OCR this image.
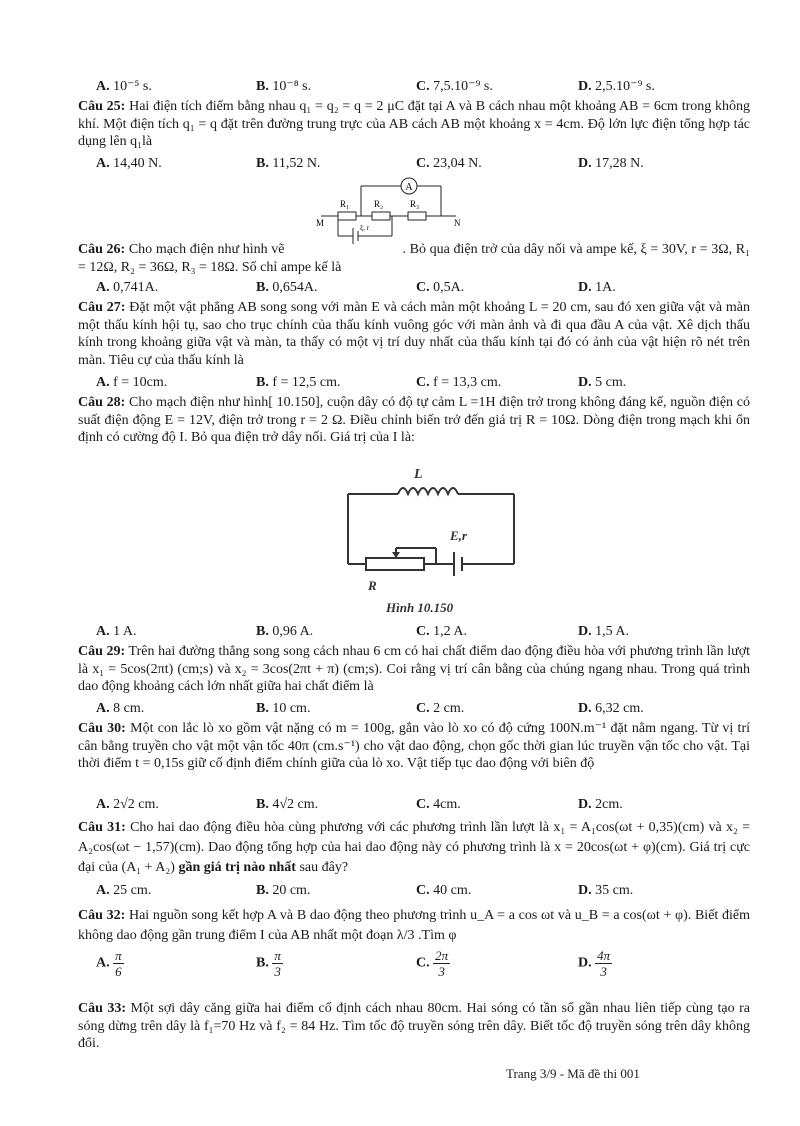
A. 10⁻⁵ s.	B. 10⁻⁸ s.	C. 7,5.10⁻⁹ s.	D. 2,5.10⁻⁹ s.
Câu 25: Hai điện tích điểm bằng nhau q₁ = q₂ = q = 2 μC đặt tại A và B cách nhau một khoảng AB = 6cm trong không khí. Một điện tích q₁ = q đặt trên đường trung trực của AB cách AB một khoảng x = 4cm. Độ lớn lực điện tổng hợp tác dụng lên q₁là
A. 14,40 N.	B. 11,52 N.	C. 23,04 N.	D. 17,28 N.
A
R₁	R₂	R₃
M	N
ξ, r
Câu 26: Cho mạch điện như hình vẽ	. Bỏ qua điện trở của dây nối và ampe kế, ξ = 30V, r = 3Ω, R₁ = 12Ω, R₂ = 36Ω, R₃ = 18Ω. Số chỉ ampe kế là
A. 0,741A.	B. 0,654A.	C. 0,5A.	D. 1A.
Câu 27: Đặt một vật phẳng AB song song với màn E và cách màn một khoảng L = 20 cm, sau đó xen giữa vật và màn một thấu kính hội tụ, sao cho trục chính của thấu kính vuông góc với màn ảnh và đi qua đầu A của vật. Xê dịch thấu kính trong khoảng giữa vật và màn, ta thấy có một vị trí duy nhất của thấu kính tại đó có ảnh của vật hiện rõ nét trên màn. Tiêu cự của thấu kính là
A. f = 10cm.	B. f = 12,5 cm.	C. f = 13,3 cm.	D. 5 cm.
Câu 28: Cho mạch điện như hình[ 10.150], cuộn dây có độ tự cảm L =1H điện trở trong không đáng kể, nguồn điện có suất điện động E = 12V, điện trở trong r = 2 Ω. Điều chỉnh biến trở đến giá trị R = 10Ω. Dòng điện trong mạch khi ổn định có cường độ I. Bỏ qua điện trở dây nối. Giá trị của I là:
L
E,r
R
Hình 10.150
A. 1 A.	B. 0,96 A.	C. 1,2 A.	D. 1,5 A.
Câu 29: Trên hai đường thẳng song song cách nhau 6 cm có hai chất điểm dao động điều hòa với phương trình lần lượt là x₁ = 5cos(2πt) (cm;s) và x₂ = 3cos(2πt + π) (cm;s). Coi rằng vị trí cân bằng của chúng ngang nhau. Trong quá trình dao động khoảng cách lớn nhất giữa hai chất điểm là
A. 8 cm.	B. 10 cm.	C. 2 cm.	D. 6,32 cm.
Câu 30: Một con lắc lò xo gồm vật nặng có m = 100g, gắn vào lò xo có độ cứng 100N.m⁻¹ đặt nằm ngang. Từ vị trí cân bằng truyền cho vật một vận tốc 40π (cm.s⁻¹) cho vật dao động, chọn gốc thời gian lúc truyền vận tốc cho vật. Tại thời điểm t = 0,15s giữ cố định điểm chính giữa của lò xo. Vật tiếp tục dao động với biên độ
A. 2√2 cm.	B. 4√2 cm.	C. 4cm.	D. 2cm.
Câu 31: Cho hai dao động điều hòa cùng phương với các phương trình lần lượt là x₁ = A₁cos(ωt + 0,35)(cm) và x₂ = A₂cos(ωt − 1,57)(cm). Dao động tổng hợp của hai dao động này có phương trình là x = 20cos(ωt + φ)(cm). Giá trị cực đại của (A₁ + A₂) gần giá trị nào nhất sau đây?
A. 25 cm.	B. 20 cm.	C. 40 cm.	D. 35 cm.
Câu 32: Hai nguồn song kết hợp A và B dao động theo phương trình u_A = a cos ωt và u_B = a cos(ωt + φ). Biết điểm không dao động gần trung điểm I của AB nhất một đoạn λ/3 .Tìm φ
A. $\frac{\pi}{6}$	B. $\frac{\pi}{3}$	C. $\frac{2\pi}{3}$	D. $\frac{4\pi}{3}$
Câu 33: Một sợi dây căng giữa hai điểm cố định cách nhau 80cm. Hai sóng có tần số gần nhau liên tiếp cùng tạo ra sóng dừng trên dây là f₁=70 Hz và f₂ = 84 Hz. Tìm tốc độ truyền sóng trên dây. Biết tốc độ truyền sóng trên dây không đổi.
Trang 3/9 - Mã đề thi 001
